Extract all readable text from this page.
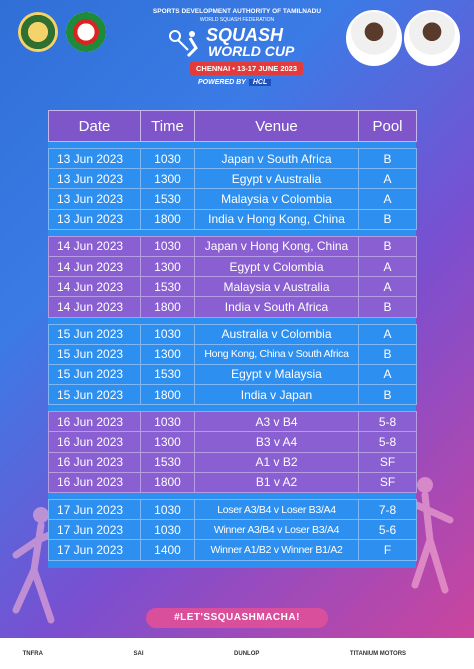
SPORTS DEVELOPMENT AUTHORITY OF TAMILNADU
WORLD SQUASH FEDERATION
SQUASH
WORLD CUP
CHENNAI • 13-17 JUNE 2023
POWERED BY HCL
Date	Time	Venue	Pool

13 Jun 2023	1030	Japan v South Africa	B
13 Jun 2023	1300	Egypt v Australia	A
13 Jun 2023	1530	Malaysia v Colombia	A
13 Jun 2023	1800	India v Hong Kong, China	B

14 Jun 2023	1030	Japan v Hong Kong, China	B
14 Jun 2023	1300	Egypt v Colombia	A
14 Jun 2023	1530	Malaysia v Australia	A
14 Jun 2023	1800	India v South Africa	B

15 Jun 2023	1030	Australia v Colombia	A
15 Jun 2023	1300	Hong Kong, China v South Africa	B
15 Jun 2023	1530	Egypt v Malaysia	A
15 Jun 2023	1800	India v Japan	B

16 Jun 2023	1030	A3 v B4	5-8
16 Jun 2023	1300	B3 v A4	5-8
16 Jun 2023	1530	A1 v B2	SF
16 Jun 2023	1800	B1 v A2	SF

17 Jun 2023	1030	Loser A3/B4 v Loser B3/A4	7-8
17 Jun 2023	1030	Winner A3/B4 v Loser B3/A4	5-6
17 Jun 2023	1400	Winner A1/B2 v Winner B1/A2	F
#LET'SSQUASHMACHA!
TNFRA	SAI	DUNLOP	TITANIUM MOTORS
